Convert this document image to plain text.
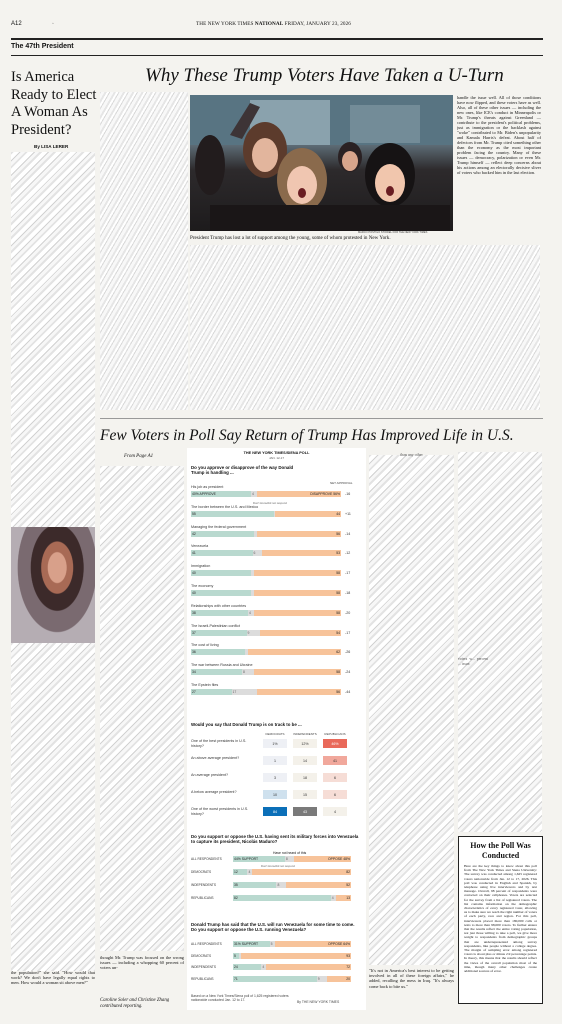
A12	◦	THE NEW YORK TIMES NATIONAL FRIDAY, JANUARY 23, 2026
The 47th President
Is America Ready to Elect A Woman As President?
By LISA LERER
the population?" she said. "How would that work? We don't have legally equal rights to men. How would a woman sit above men?"
Why These Trump Voters Have Taken a U-Turn
MARCO POSTIGO STORIEL FOR THE NEW YORK TIMES
President Trump has lost a lot of support among the young, some of whom protested in New York.
handle the issue well. All of those conditions have now flipped, and these voters have as well. Also, all of these other issues — including the new ones, like ICE's conduct in Minneapolis or Mr. Trump's threats against Greenland — contribute to the president's political problems, just as immigration or the backlash against "woke" contributed to Mr. Biden's unpopularity and Kamala Harris's defeat. About half of defectors from Mr. Trump cited something other than the economy as the most important problem facing the country. Many of these issues — democracy, polarization or even Mr. Trump himself — reflect deep concerns about his actions among an electorally decisive sliver of voters who backed him in the last election.
Few Voters in Poll Say Return of Trump Has Improved Life in U.S.
From Page A1
thought Mr. Trump was focused on the wrong issues — including a whopping 60 percent of voters un-
Caroline Soler and Christine Zhang contributed reporting.
than any other
"It's not in America's best interest to be getting involved in all of these foreign affairs," he added, recalling the mess in Iraq. "It's always come back to bite us."
voters w... percent ... issue.
THE NEW YORK TIMES/SIENA POLL
JAN. 12-17
Do you approve or disapprove of the way Donald Trump is handling ...
NET APPROVAL
His job as president
40% APPROVE	4	DISAPPROVE 56% -16
The border between the U.S. and Mexico
55	44 +11
Managing the federal government
42	56 -14
Venezuela
41	6	53 -12
Immigration
40	58 -17
The economy
40	58 -18
Relationships with other countries
38	4	58 -20
The Israeli-Palestinian conflict
37	9	54 -17
The cost of living
36	62 -26
The war between Russia and Ukraine
34	8	58 -24
The Epstein files
27	17	56 -44
Don't know/did not respond
Would you say that Donald Trump is on track to be ...
DEMOCRATS	INDEPENDENTS	REPUBLICANS
One of the best presidents in U.S. history?
1%	12%	46%
An above average president?
1	14	41
An average president?
3	18	6
A below average president?
10	15	6
One of the worst presidents in U.S. history?
84	43	4
Do you support or oppose the U.S. having sent its military forces into Venezuela to capture its president, Nicolás Maduro?
Have not heard of this
ALL RESPONDENTS	44% SUPPORT	8	OPPOSE 48%
DEMOCRATS	12	4	82
INDEPENDENTS	35	8	52
REPUBLICANS	82	4	13
Don't know/did not respond
Donald Trump has said that the U.S. will run Venezuela for some time to come. Do you support or oppose the U.S. running Venezuela?
ALL RESPONDENTS	31% SUPPORT	5	OPPOSE 64%
DEMOCRATS	5	93
INDEPENDENTS	24	4	72
REPUBLICANS	71	9	20
Based on a New York Times/Siena poll of 1,625 registered voters nationwide conducted Jan. 12 to 17.	By THE NEW YORK TIMES
How the Poll Was Conducted
Here are the key things to know about this poll from The New York Times and Siena University: The survey was conducted among 1,625 registered voters nationwide from Jan. 12 to 17, 2026. This poll was conducted in English and Spanish, by telephone using live interviewers and by text message. Overall, 98 percent of respondents were contacted on their cellphones. Voters are selected for the survey from a list of registered voters. The list contains information on the demographic characteristics of every registered voter, allowing us to make sure we reach the right number of voters of each party, race and region. For this poll, interviewers placed more than 180,000 calls or texts to more than 98,000 voters. To further ensure that the results reflect the entire voting population, not just those willing to take a poll, we give more weight to respondents from demographic groups that are underrepresented among survey respondents, like people without a college degree. The margin of sampling error among registered voters is about plus or minus 2.9 percentage points. In theory, this means that the results should reflect the views of the overall population most of the time, though many other challenges create additional sources of error.
